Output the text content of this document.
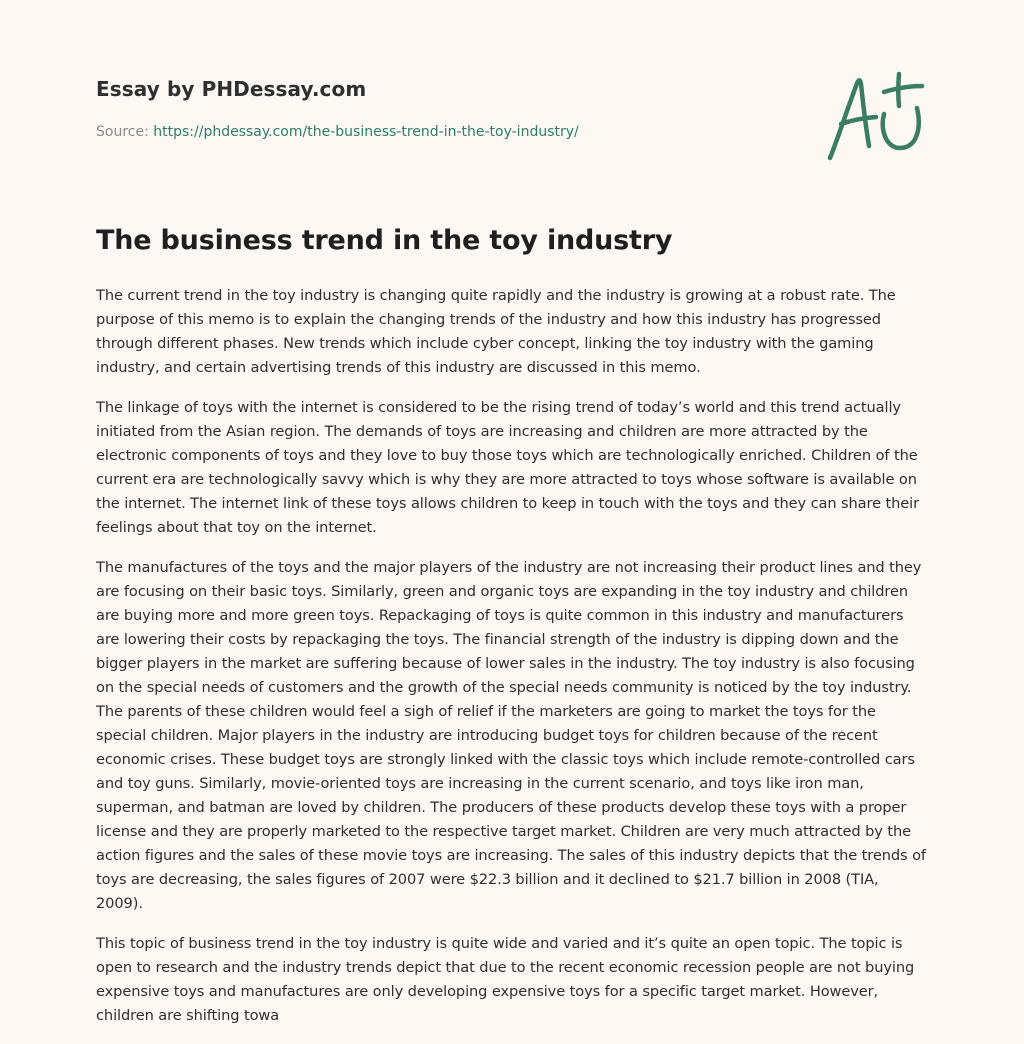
Essay by PHDessay.com
Source: https://phdessay.com/the-business-trend-in-the-toy-industry/
The business trend in the toy industry

The current trend in the toy industry is changing quite rapidly and the industry is growing at a robust rate. The purpose of this memo is to explain the changing trends of the industry and how this industry has progressed through different phases. New trends which include cyber concept, linking the toy industry with the gaming industry, and certain advertising trends of this industry are discussed in this memo.

The linkage of toys with the internet is considered to be the rising trend of today’s world and this trend actually initiated from the Asian region. The demands of toys are increasing and children are more attracted by the electronic components of toys and they love to buy those toys which are technologically enriched. Children of the current era are technologically savvy which is why they are more attracted to toys whose software is available on the internet. The internet link of these toys allows children to keep in touch with the toys and they can share their feelings about that toy on the internet.

The manufactures of the toys and the major players of the industry are not increasing their product lines and they are focusing on their basic toys. Similarly, green and organic toys are expanding in the toy industry and children are buying more and more green toys. Repackaging of toys is quite common in this industry and manufacturers are lowering their costs by repackaging the toys. The financial strength of the industry is dipping down and the bigger players in the market are suffering because of lower sales in the industry. The toy industry is also focusing on the special needs of customers and the growth of the special needs community is noticed by the toy industry. The parents of these children would feel a sigh of relief if the marketers are going to market the toys for the special children. Major players in the industry are introducing budget toys for children because of the recent economic crises. These budget toys are strongly linked with the classic toys which include remote-controlled cars and toy guns. Similarly, movie-oriented toys are increasing in the current scenario, and toys like iron man, superman, and batman are loved by children. The producers of these products develop these toys with a proper license and they are properly marketed to the respective target market. Children are very much attracted by the action figures and the sales of these movie toys are increasing. The sales of this industry depicts that the trends of toys are decreasing, the sales figures of 2007 were $22.3 billion and it declined to $21.7 billion in 2008 (TIA, 2009).

This topic of business trend in the toy industry is quite wide and varied and it’s quite an open topic. The topic is open to research and the industry trends depict that due to the recent economic recession people are not buying expensive toys and manufactures are only developing expensive toys for a specific target market. However, children are shifting towa
